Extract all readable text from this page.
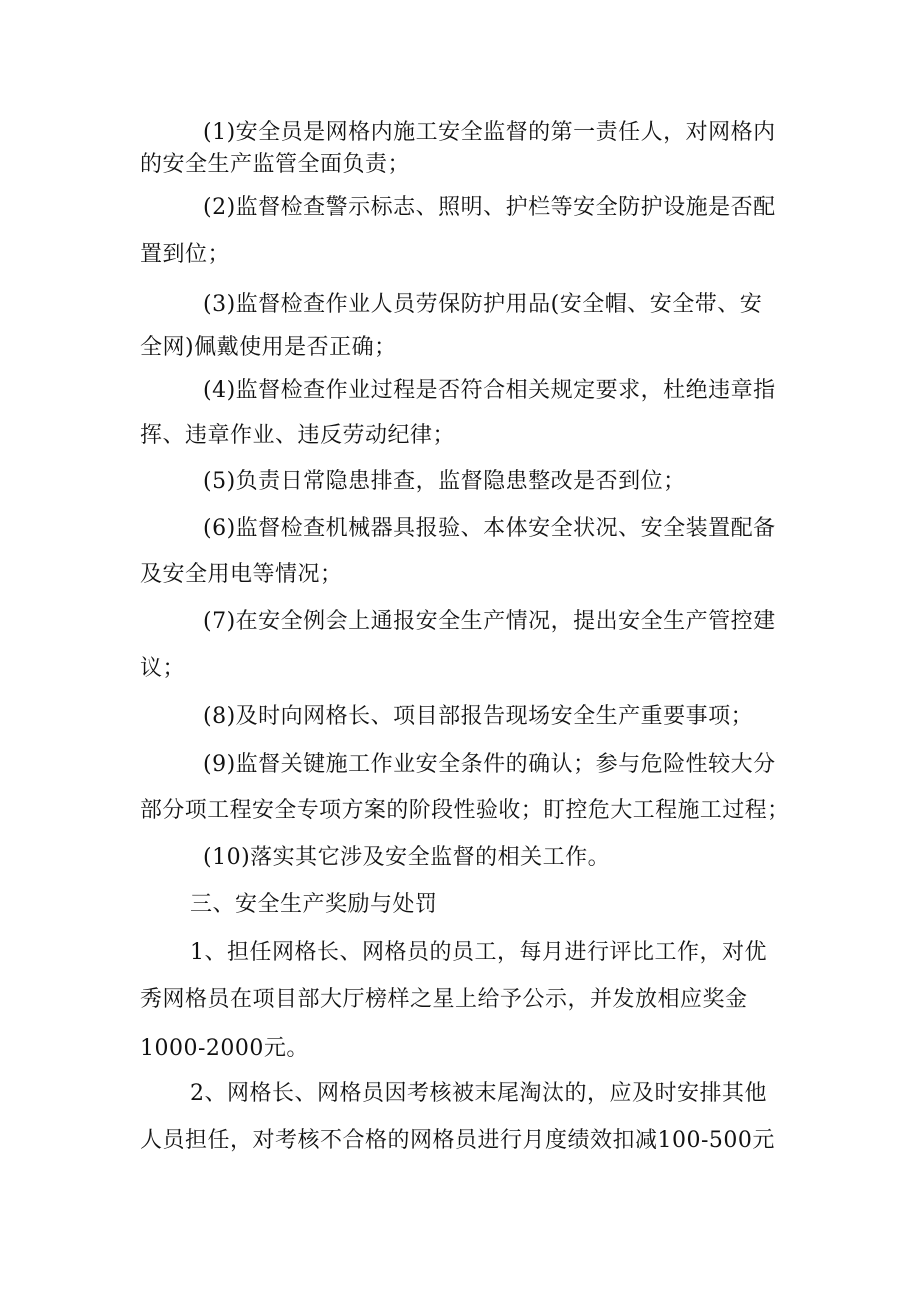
(1)安全员是网格内施工安全监督的第一责任人，对网格内
的安全生产监管全面负责；
(2)监督检查警示标志、照明、护栏等安全防护设施是否配
置到位；
(3)监督检查作业人员劳保防护用品(安全帽、安全带、安
全网)佩戴使用是否正确；
(4)监督检查作业过程是否符合相关规定要求，杜绝违章指
挥、违章作业、违反劳动纪律；
(5)负责日常隐患排查，监督隐患整改是否到位；
(6)监督检查机械器具报验、本体安全状况、安全装置配备
及安全用电等情况；
(7)在安全例会上通报安全生产情况，提出安全生产管控建
议；
(8)及时向网格长、项目部报告现场安全生产重要事项；
(9)监督关键施工作业安全条件的确认；参与危险性较大分
部分项工程安全专项方案的阶段性验收；盯控危大工程施工过程；
(10)落实其它涉及安全监督的相关工作。
三、安全生产奖励与处罚
1、担任网格长、网格员的员工，每月进行评比工作，对优
秀网格员在项目部大厅榜样之星上给予公示，并发放相应奖金
1000-2000元。
2、网格长、网格员因考核被末尾淘汰的，应及时安排其他
人员担任，对考核不合格的网格员进行月度绩效扣减100-500元
